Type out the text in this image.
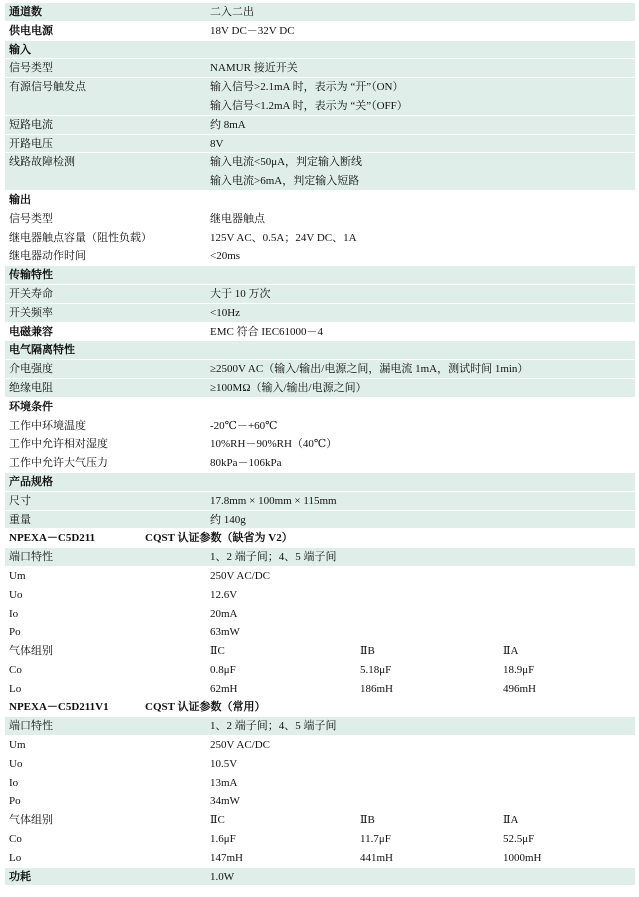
通道数	二入二出
供电电源	18V DC－32V DC
输入
信号类型	NAMUR 接近开关
有源信号触发点	输入信号>2.1mA 时，表示为 “开”（ON）
输入信号<1.2mA 时，表示为 “关”（OFF）
短路电流	约 8mA
开路电压	8V
线路故障检测	输入电流<50μA，判定输入断线
输入电流>6mA，判定输入短路
输出
信号类型	继电器触点
继电器触点容量（阻性负载）	125V AC、0.5A；24V DC、1A
继电器动作时间	<20ms
传输特性
开关寿命	大于 10 万次
开关频率	<10Hz
电磁兼容	EMC 符合 IEC61000－4
电气隔离特性
介电强度	≥2500V AC（输入/输出/电源之间，漏电流 1mA，测试时间 1min）
绝缘电阻	≥100MΩ（输入/输出/电源之间）
环境条件
工作中环境温度	-20℃－+60℃
工作中允许相对湿度	10%RH－90%RH（40℃）
工作中允许大气压力	80kPa－106kPa
产品规格
尺寸	17.8mm × 100mm × 115mm
重量	约 140g
NPEXA－C5D211	CQST 认证参数（缺省为 V2）
端口特性	1、2 端子间；4、5 端子间
Um	250V AC/DC
Uo	12.6V
Io	20mA
Po	63mW
气体组别	ⅡC	ⅡB	ⅡA
Co	0.8μF	5.18μF	18.9μF
Lo	62mH	186mH	496mH
NPEXA－C5D211V1	CQST 认证参数（常用）
端口特性	1、2 端子间；4、5 端子间
Um	250V AC/DC
Uo	10.5V
Io	13mA
Po	34mW
气体组别	ⅡC	ⅡB	ⅡA
Co	1.6μF	11.7μF	52.5μF
Lo	147mH	441mH	1000mH
功耗	1.0W
